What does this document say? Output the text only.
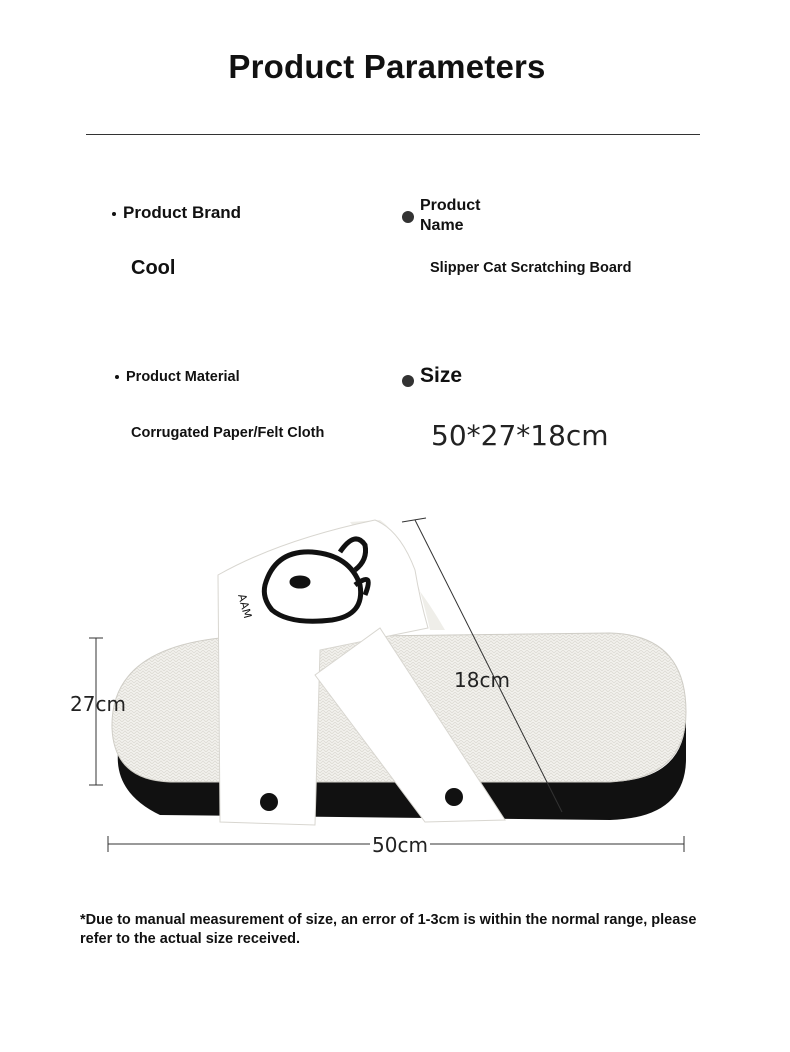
Product Parameters
Product Brand
Cool
Product Name
Slipper Cat Scratching Board
Product Material
Corrugated Paper/Felt Cloth
Size
50*27*18cm
AAM
27cm
18cm
50cm
*Due to manual measurement of size, an error of 1-3cm is within the normal range, please refer to the actual size received.
